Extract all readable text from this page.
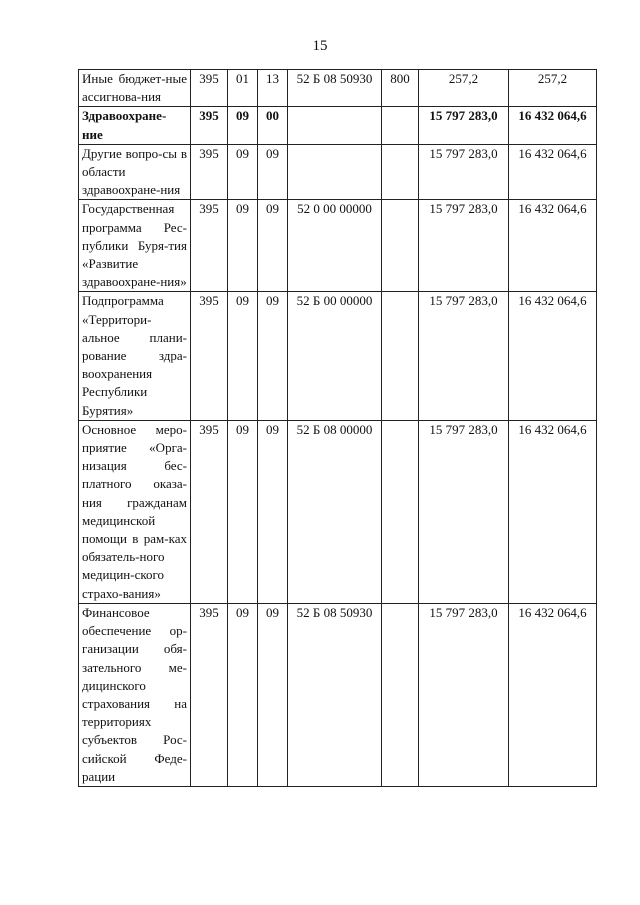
15
Иные бюджет-ные ассигнова-ния	395	01	13	52 Б 08 50930	800	257,2	257,2
Здравоохране-ние	395	09	00			15 797 283,0	16 432 064,6
Другие вопро-сы в области здравоохране-ния	395	09	09			15 797 283,0	16 432 064,6
Государственная программа Рес-публики Буря-тия «Развитие здравоохране-ния»	395	09	09	52 0 00 00000		15 797 283,0	16 432 064,6
Подпрограмма «Территори-альное плани-рование здра-воохранения Республики Бурятия»	395	09	09	52 Б 00 00000		15 797 283,0	16 432 064,6
Основное меро-приятие «Орга-низация бес-платного оказа-ния гражданам медицинской помощи в рам-ках обязатель-ного медицин-ского страхо-вания»	395	09	09	52 Б 08 00000		15 797 283,0	16 432 064,6
Финансовое обеспечение ор-ганизации обя-зательного ме-дицинского страхования на территориях субъектов Рос-сийской Феде-рации	395	09	09	52 Б 08 50930		15 797 283,0	16 432 064,6
